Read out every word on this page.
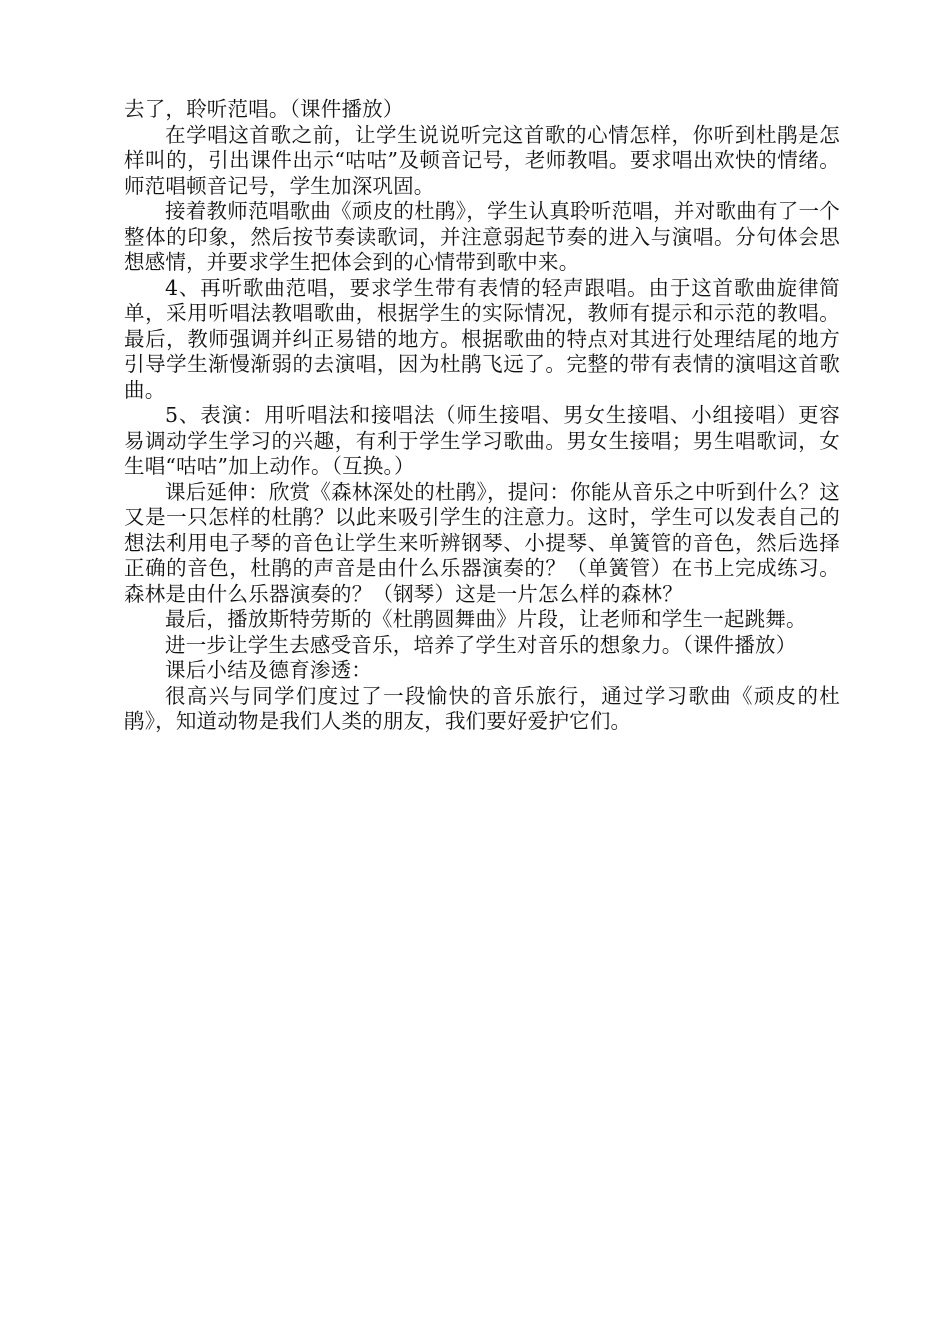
去了，聆听范唱。（课件播放）

在学唱这首歌之前，让学生说说听完这首歌的心情怎样，你听到杜鹃是怎样叫的，引出课件出示“咕咕”及顿音记号，老师教唱。要求唱出欢快的情绪。师范唱顿音记号，学生加深巩固。

接着教师范唱歌曲《顽皮的杜鹃》，学生认真聆听范唱，并对歌曲有了一个整体的印象，然后按节奏读歌词，并注意弱起节奏的进入与演唱。分句体会思想感情，并要求学生把体会到的心情带到歌中来。

4、再听歌曲范唱，要求学生带有表情的轻声跟唱。由于这首歌曲旋律简单，采用听唱法教唱歌曲，根据学生的实际情况，教师有提示和示范的教唱。最后，教师强调并纠正易错的地方。根据歌曲的特点对其进行处理结尾的地方引导学生渐慢渐弱的去演唱，因为杜鹃飞远了。完整的带有表情的演唱这首歌曲。

5、表演：用听唱法和接唱法（师生接唱、男女生接唱、小组接唱）更容易调动学生学习的兴趣，有利于学生学习歌曲。男女生接唱；男生唱歌词，女生唱“咕咕”加上动作。（互换。）

课后延伸：欣赏《森林深处的杜鹃》，提问：你能从音乐之中听到什么？这又是一只怎样的杜鹃？以此来吸引学生的注意力。这时，学生可以发表自己的想法利用电子琴的音色让学生来听辨钢琴、小提琴、单簧管的音色，然后选择正确的音色，杜鹃的声音是由什么乐器演奏的？（单簧管）在书上完成练习。森林是由什么乐器演奏的？（钢琴）这是一片怎么样的森林？

最后，播放斯特劳斯的《杜鹃圆舞曲》片段，让老师和学生一起跳舞。

进一步让学生去感受音乐，培养了学生对音乐的想象力。（课件播放）

课后小结及德育渗透：

很高兴与同学们度过了一段愉快的音乐旅行，通过学习歌曲《顽皮的杜鹃》，知道动物是我们人类的朋友，我们要好爱护它们。
